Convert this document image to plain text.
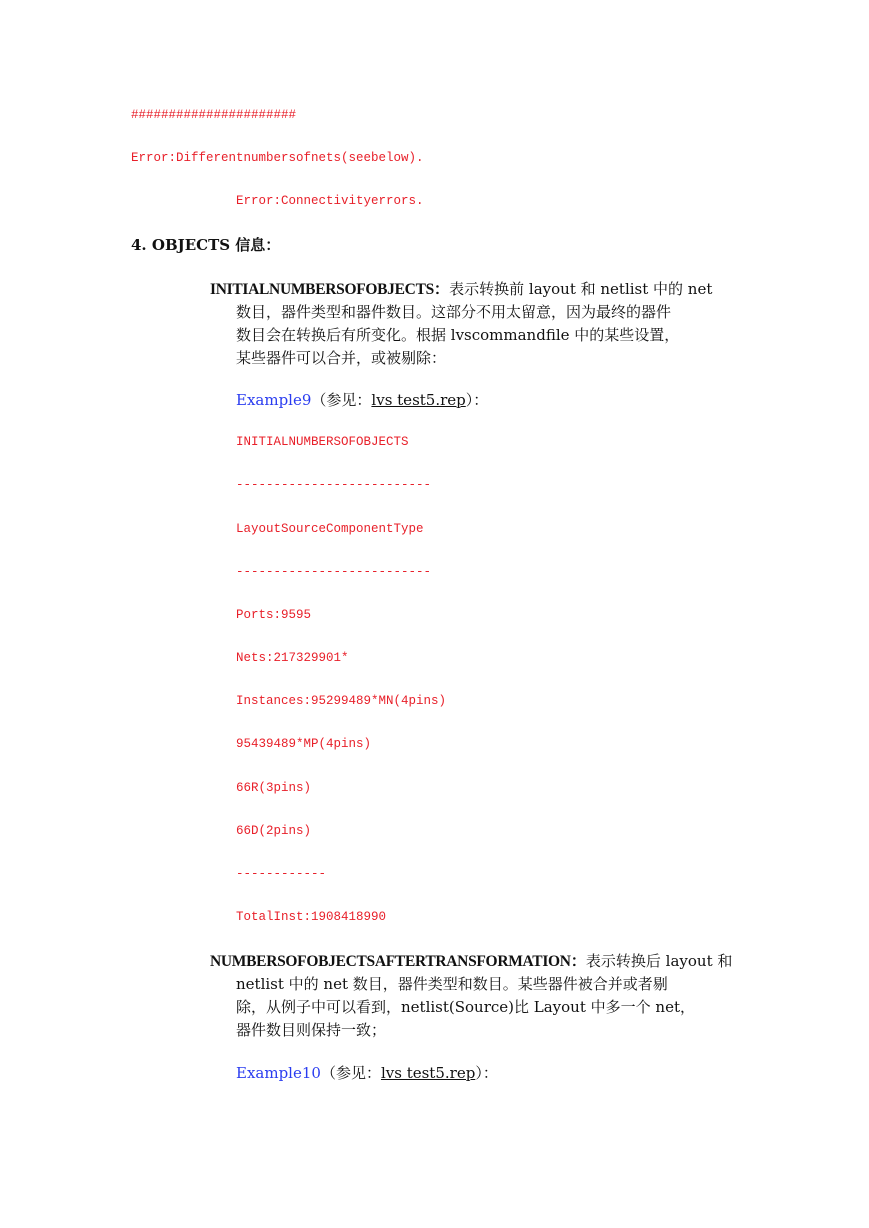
######################
Error:Differentnumbersofnets(seebelow).
Error:Connectivityerrors.
4. OBJECTS 信息：
INITIALNUMBERSOFOBJECTS：表示转换前 layout 和 netlist 中的 net
数目，器件类型和器件数目。这部分不用太留意，因为最终的器件
数目会在转换后有所变化。根据 lvscommandfile 中的某些设置，
某些器件可以合并，或被剔除：
Example9（参见：lvs test5.rep）：
INITIALNUMBERSOFOBJECTS
--------------------------
LayoutSourceComponentType
--------------------------
Ports:9595
Nets:217329901*
Instances:95299489*MN(4pins)
95439489*MP(4pins)
66R(3pins)
66D(2pins)
------------
TotalInst:1908418990
NUMBERSOFOBJECTSAFTERTRANSFORMATION：表示转换后 layout 和
netlist 中的 net 数目，器件类型和数目。某些器件被合并或者剔
除，从例子中可以看到，netlist(Source)比 Layout 中多一个 net，
器件数目则保持一致；
Example10（参见：lvs test5.rep）：
